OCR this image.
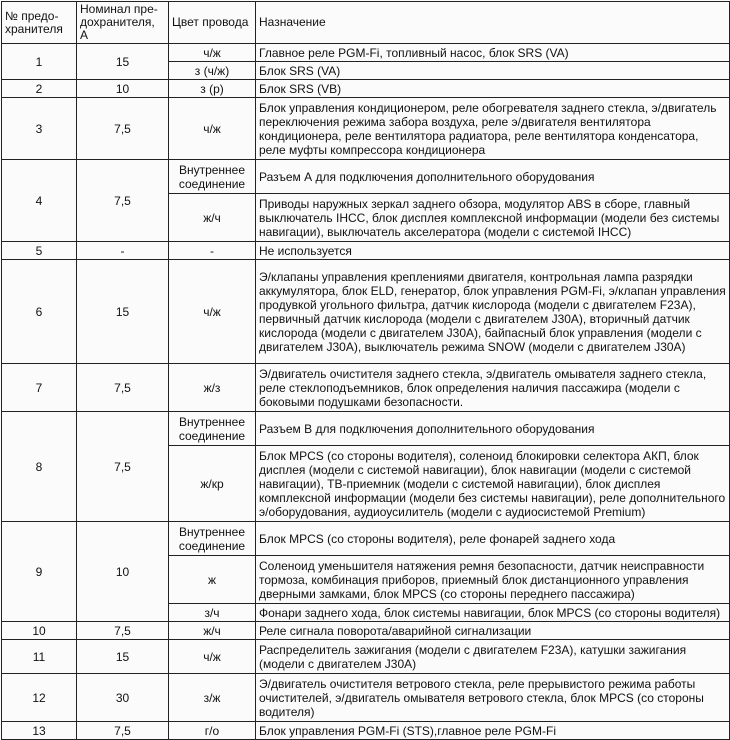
№ предо-хранителя	Номинал пре-дохранителя, А	Цвет провода	Назначение
1	15	ч/ж	Главное реле PGM-Fi, топливный насос, блок SRS (VA)
		з (ч/ж)	Блок SRS (VA)
2	10	з (р)	Блок SRS (VB)
3	7,5	ч/ж	Блок управления кондиционером, реле обогревателя заднего стекла, э/двигатель переключения режима забора воздуха, реле э/двигателя вентилятора кондиционера, реле вентилятора радиатора, реле вентилятора конденсатора, реле муфты компрессора кондиционера
4	7,5	Внутреннее соединение	Разъем А для подключения дополнительного оборудования
		ж/ч	Приводы наружных зеркал заднего обзора, модулятор ABS в сборе, главный выключатель IHCC, блок дисплея комплексной информации (модели без системы навигации), выключатель акселератора (модели с системой IHCC)
5	-	-	Не используется
6	15	ч/ж	Э/клапаны управления креплениями двигателя, контрольная лампа разрядки аккумулятора, блок ELD, генератор, блок управления PGM-Fi, э/клапан управления продувкой угольного фильтра, датчик кислорода (модели с двигателем F23A), первичный датчик кислорода (модели с двигателем J30A), вторичный датчик кислорода (модели с двигателем J30A), байпасный блок управления (модели с двигателем J30A), выключатель режима SNOW (модели с двигателем J30A)
7	7,5	ж/з	Э/двигатель очистителя заднего стекла, э/двигатель омывателя заднего стекла, реле стеклоподъемников, блок определения наличия пассажира (модели с боковыми подушками безопасности.
8	7,5	Внутреннее соединение	Разъем В для подключения дополнительного оборудования
		ж/кр	Блок MPCS (со стороны водителя), соленоид блокировки селектора АКП, блок дисплея (модели с системой навигации), блок навигации (модели с системой навигации), ТВ-приемник (модели с системой навигации), блок дисплея комплексной информации (модели без системы навигации), реле дополнительного э/оборудования, аудиоусилитель (модели с аудиосистемой Premium)
9	10	Внутреннее соединение	Блок MPCS (со стороны водителя), реле фонарей заднего хода
		ж	Соленоид уменьшителя натяжения ремня безопасности, датчик неисправности тормоза, комбинация приборов, приемный блок дистанционного управления дверными замками, блок MPCS (со стороны переднего пассажира)
		з/ч	Фонари заднего хода, блок системы навигации, блок MPCS (со стороны водителя)
10	7,5	ж/ч	Реле сигнала поворота/аварийной сигнализации
11	15	ч/ж	Распределитель зажигания (модели с двигателем F23A), катушки зажигания (модели с двигателем J30A)
12	30	з/ж	Э/двигатель очистителя ветрового стекла, реле прерывистого режима работы очистителей, э/двигатель омывателя ветрового стекла, блок MPCS (со стороны водителя)
13	7,5	г/о	Блок управления PGM-Fi (STS),главное реле PGM-Fi
